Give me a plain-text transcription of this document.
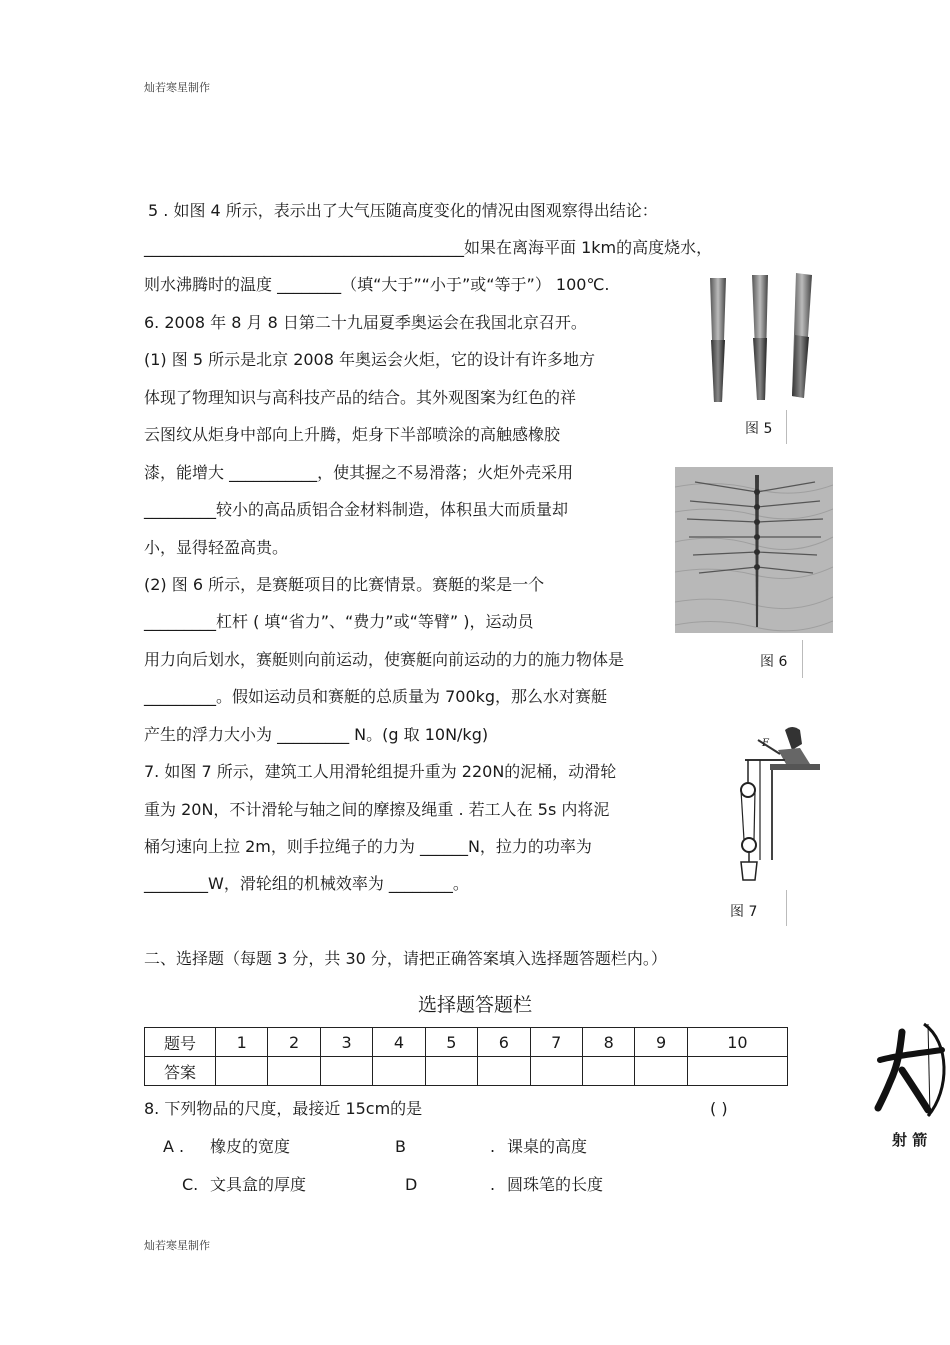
灿若寒星制作
5 . 如图 4 所示，表示出了大气压随高度变化的情况由图观察得出结论：
________________________________________如果在离海平面 1km的高度烧水，
则水沸腾时的温度 ________（填“大于”“小于”或“等于”） 100℃.
6. 2008 年 8 月 8 日第二十九届夏季奥运会在我国北京召开。
(1) 图 5 所示是北京 2008 年奥运会火炬，它的设计有许多地方
体现了物理知识与高科技产品的结合。其外观图案为红色的祥
云图纹从炬身中部向上升腾，炬身下半部喷涂的高触感橡胶
漆，能增大 ___________，使其握之不易滑落；火炬外壳采用
_________较小的高品质铝合金材料制造，体积虽大而质量却
小，显得轻盈高贵。
(2) 图 6 所示，是赛艇项目的比赛情景。赛艇的桨是一个
_________杠杆 ( 填“省力”、“费力”或“等臂” )，运动员
用力向后划水，赛艇则向前运动，使赛艇向前运动的力的施力物体是
_________。假如运动员和赛艇的总质量为 700kg，那么水对赛艇
产生的浮力大小为 _________ N。(g 取 10N/kg)
7. 如图 7 所示，建筑工人用滑轮组提升重为 220N的泥桶，动滑轮
重为 20N，不计滑轮与轴之间的摩擦及绳重 . 若工人在 5s 内将泥
桶匀速向上拉 2m，则手拉绳子的力为 ______N，拉力的功率为
________W，滑轮组的机械效率为 ________。
图 5
图 6
F
图 7
二、选择题（每题 3 分，共 30 分，请把正确答案填入选择题答题栏内。）
选择题答题栏
题号	1	2	3	4	5	6	7	8	9	10
答案										
8. 下列物品的尺度，最接近 15cm的是	( )
A . 橡皮的宽度	B	. 课桌的高度
C. 文具盒的厚度	D	. 圆珠笔的长度
射 箭
灿若寒星制作
